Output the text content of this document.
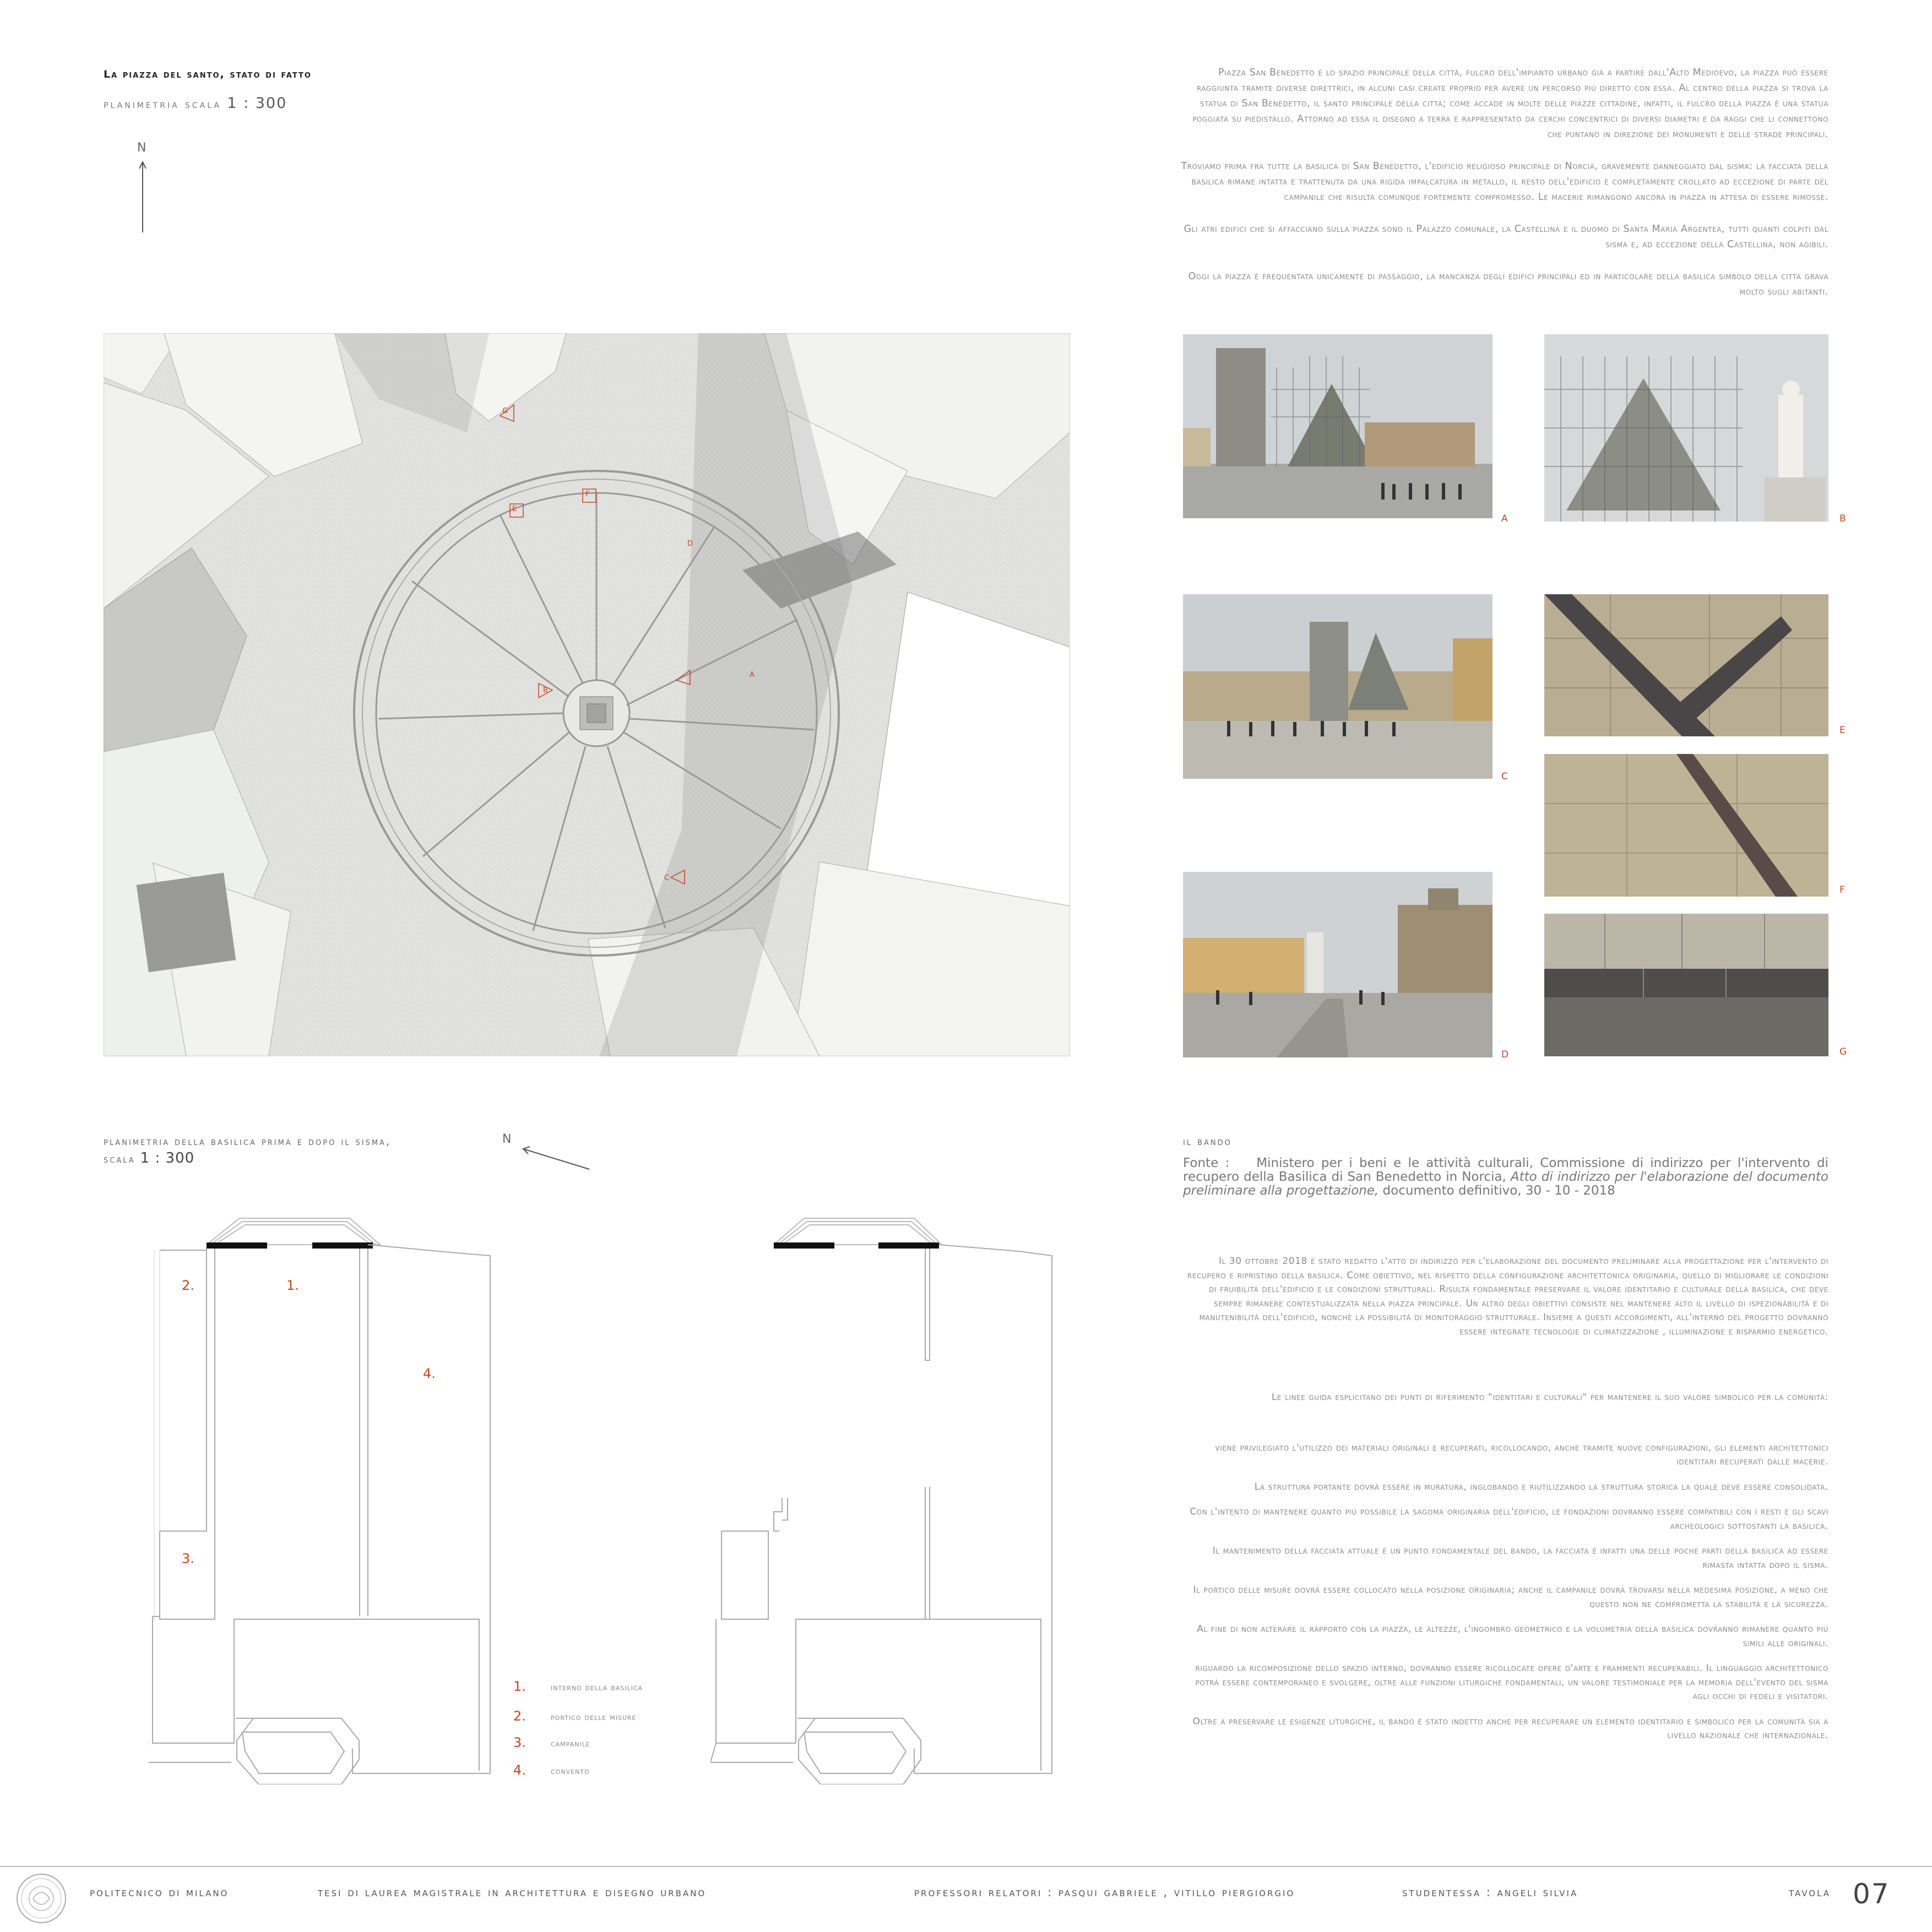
La piazza del santo, stato di fatto
planimetria scala 1 : 300
N

Piazza San Benedetto è lo spazio principale della città, fulcro dell'impianto urbano già a partire dall'Alto Medioevo, la piazza può essere raggiunta tramite diverse direttrici, in alcuni casi create proprio per avere un percorso più diretto con essa. Al centro della piazza si trova la statua di San Benedetto, il santo principale della città; come accade in molte delle piazze cittadine, infatti, il fulcro della piazza è una statua poggiata su piedistallo. Attorno ad essa il disegno a terra è rappresentato da cerchi concentrici di diversi diametri e da raggi che li connettono che puntano in direzione dei monumenti e delle strade principali.

Troviamo prima fra tutte la basilica di San Benedetto, l'edificio religioso principale di Norcia, gravemente danneggiato dal sisma: la facciata della basilica rimane intatta e trattenuta da una rigida impalcatura in metallo, il resto dell'edificio è completamente crollato ad eccezione di parte del campanile che risulta comunque fortemente compromesso. Le macerie rimangono ancora in piazza in attesa di essere rimosse.

Gli atri edifici che si affacciano sulla piazza sono il Palazzo comunale, la Castellina e il duomo di Santa Maria Argentea, tutti quanti colpiti dal sisma e, ad eccezione della Castellina, non agibili.

Oggi la piazza è frequentata unicamente di passaggio, la mancanza degli edifici principali ed in particolare della basilica simbolo della città grava molto sugli abitanti.

A
B
C
D
E
F
G
A	B
C
D
E
F
G
planimetria della basilica prima e dopo il sisma,
scala 1 : 300
N
2.	1.
3.
4.
1.	interno della basilica
2.	portico delle misure
3.	campanile
4.	convento
il bando
Fonte : Ministero per i beni e le attività culturali, Commissione di indirizzo per l'intervento di recupero della Basilica di San Benedetto in Norcia, Atto di indirizzo per l'elaborazione del documento preliminare alla progettazione, documento definitivo, 30 - 10 - 2018

Il 30 ottobre 2018 è stato redatto l'atto di indirizzo per l'elaborazione del documento preliminare alla progettazione per l'intervento di recupero e ripristino della basilica. Come obiettivo, nel rispetto della configurazione architettonica originaria, quello di migliorare le condizioni di fruibilità dell'edificio e le condizioni strutturali. Risulta fondamentale preservare il valore identitario e culturale della basilica, che deve sempre rimanere contestualizzata nella piazza principale. Un altro degli obiettivi consiste nel mantenere alto il livello di ispezionabilità e di manutenibilità dell'edificio, nonché la possibilità di monitoraggio strutturale. Insieme a questi accorgimenti, all'interno del progetto dovranno essere integrate tecnologie di climatizzazione , illuminazione e risparmio energetico.

Le linee guida esplicitano dei punti di riferimento "identitari e culturali" per mantenere il suo valore simbolico per la comunità:

viene privilegiato l'utilizzo dei materiali originali e recuperati, ricollocando, anche tramite nuove configurazioni, gli elementi architettonici identitari recuperati dalle macerie.

La struttura portante dovrà essere in muratura, inglobando e riutilizzando la struttura storica la quale deve essere consolidata.

Con l'intento di mantenere quanto più possibile la sagoma originaria dell'edificio, le fondazioni dovranno essere compatibili con i resti e gli scavi archeologici sottostanti la basilica.

Il mantenimento della facciata attuale è un punto fondamentale del bando, la facciata è infatti una delle poche parti della basilica ad essere rimasta intatta dopo il sisma.

Il portico delle misure dovrà essere collocato nella posizione originaria; anche il campanile dovrà trovarsi nella medesima posizione, a meno che questo non ne comprometta la stabilità e la sicurezza.

Al fine di non alterare il rapporto con la piazza, le altezze, l'ingombro geometrico e la volumetria della basilica dovranno rimanere quanto più simili alle originali.

riguardo la ricomposizione dello spazio interno, dovranno essere ricollocate opere d'arte e frammenti recuperabili. Il linguaggio architettonico potrà essere contemporaneo e svolgere, oltre alle funzioni liturgiche fondamentali, un valore testimoniale per la memoria dell'evento del sisma agli occhi di fedeli e visitatori.

Oltre a preservare le esigenze liturgiche, il bando è stato indetto anche per recuperare un elemento identitario e simbolico per la comunità sia a livello nazionale che internazionale.

politecnico di milano	tesi di laurea magistrale in architettura e disegno urbano	professori relatori : pasqui gabriele , vitillo piergiorgio	studentessa : angeli silvia	tavola 07
